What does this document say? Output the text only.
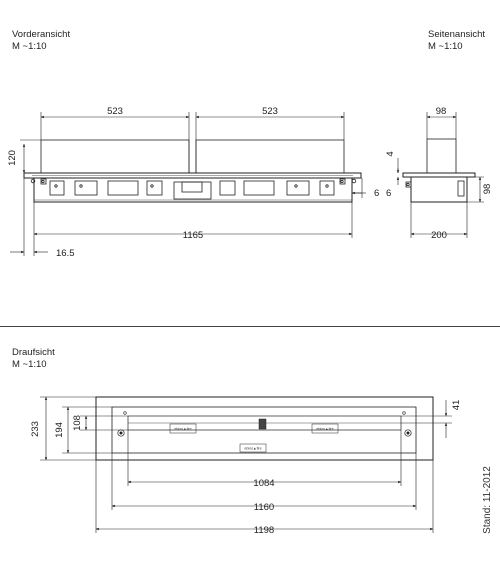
Vorderansicht
M ~1:10
Seitenansicht
M ~1:10
Draufsicht
M ~1:10
523	523
120
1165
16.5
6 6
98
4
98
200
ebios▲fire	ebios▲fire
ebios▲fire
233 194 108
41
1084
1160
1198	Stand: 11-2012
